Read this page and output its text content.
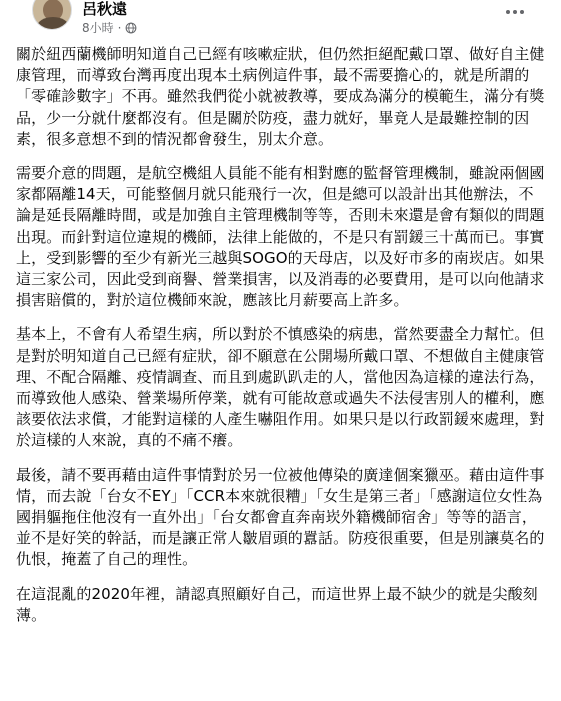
呂秋遠
8小時 ·

關於紐西蘭機師明知道自己已經有咳嗽症狀，但仍然拒絕配戴口罩、做好自主健康管理，而導致台灣再度出現本土病例這件事，最不需要擔心的，就是所謂的「零確診數字」不再。雖然我們從小就被教導，要成為滿分的模範生，滿分有獎品，少一分就什麼都沒有。但是關於防疫，盡力就好，畢竟人是最難控制的因素，很多意想不到的情況都會發生，別太介意。

需要介意的問題，是航空機組人員能不能有相對應的監督管理機制，雖說兩個國家都隔離14天，可能整個月就只能飛行一次，但是總可以設計出其他辦法，不論是延長隔離時間，或是加強自主管理機制等等，否則未來還是會有類似的問題出現。而針對這位違規的機師，法律上能做的，不是只有罰鍰三十萬而已。事實上，受到影響的至少有新光三越與SOGO的天母店，以及好市多的南崁店。如果這三家公司，因此受到商譽、營業損害，以及消毒的必要費用，是可以向他請求損害賠償的，對於這位機師來說，應該比月薪要高上許多。

基本上，不會有人希望生病，所以對於不慎感染的病患，當然要盡全力幫忙。但是對於明知道自己已經有症狀，卻不願意在公開場所戴口罩、不想做自主健康管理、不配合隔離、疫情調查、而且到處趴趴走的人，當他因為這樣的違法行為，而導致他人感染、營業場所停業，就有可能故意或過失不法侵害別人的權利，應該要依法求償，才能對這樣的人產生嚇阻作用。如果只是以行政罰鍰來處理，對於這樣的人來說，真的不痛不癢。

最後，請不要再藉由這件事情對於另一位被他傳染的廣達個案獵巫。藉由這件事情，而去說「台女不EY」「CCR本來就很糟」「女生是第三者」「感謝這位女性為國捐軀拖住他沒有一直外出」「台女都會直奔南崁外籍機師宿舍」等等的語言，並不是好笑的幹話，而是讓正常人皺眉頭的囂話。防疫很重要，但是別讓莫名的仇恨，掩蓋了自己的理性。

在這混亂的2020年裡，請認真照顧好自己，而這世界上最不缺少的就是尖酸刻薄。
